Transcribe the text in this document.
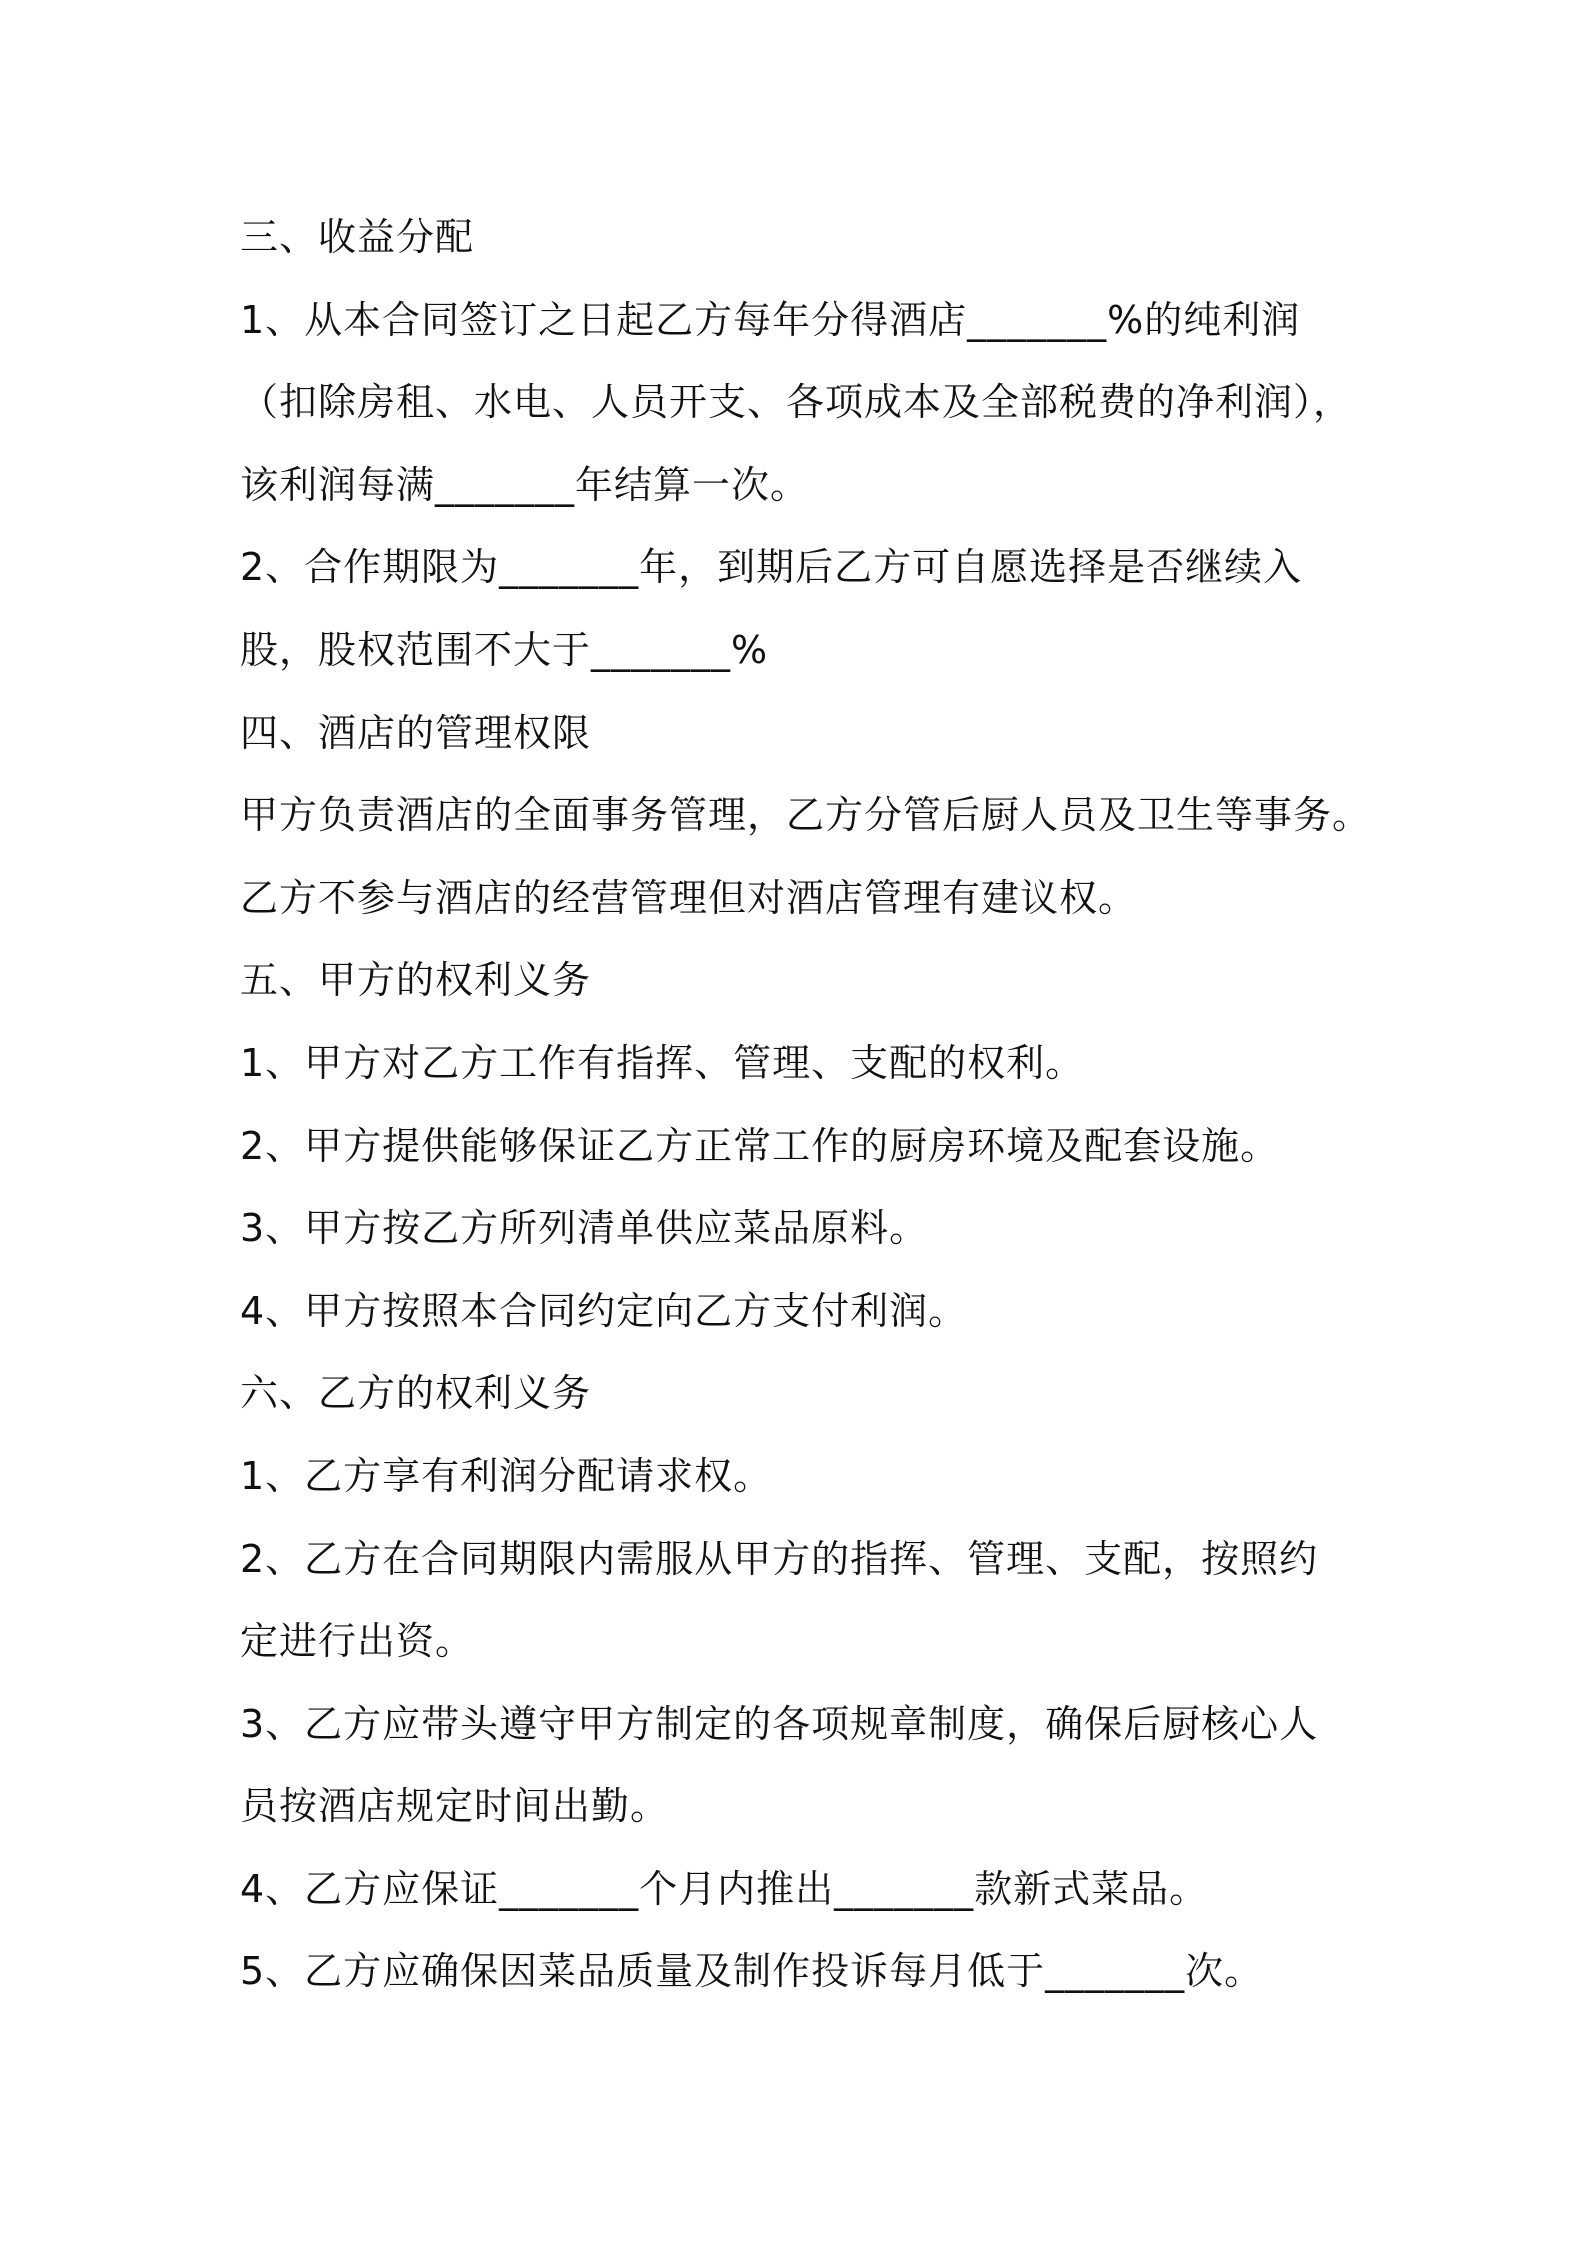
三、收益分配
1、从本合同签订之日起乙方每年分得酒店_______%的纯利润
（扣除房租、水电、人员开支、各项成本及全部税费的净利润），
该利润每满_______年结算一次。
2、合作期限为_______年，到期后乙方可自愿选择是否继续入
股，股权范围不大于_______%
四、酒店的管理权限
甲方负责酒店的全面事务管理，乙方分管后厨人员及卫生等事务。
乙方不参与酒店的经营管理但对酒店管理有建议权。
五、甲方的权利义务
1、甲方对乙方工作有指挥、管理、支配的权利。
2、甲方提供能够保证乙方正常工作的厨房环境及配套设施。
3、甲方按乙方所列清单供应菜品原料。
4、甲方按照本合同约定向乙方支付利润。
六、乙方的权利义务
1、乙方享有利润分配请求权。
2、乙方在合同期限内需服从甲方的指挥、管理、支配，按照约
定进行出资。
3、乙方应带头遵守甲方制定的各项规章制度，确保后厨核心人
员按酒店规定时间出勤。
4、乙方应保证_______个月内推出_______款新式菜品。
5、乙方应确保因菜品质量及制作投诉每月低于_______次。
